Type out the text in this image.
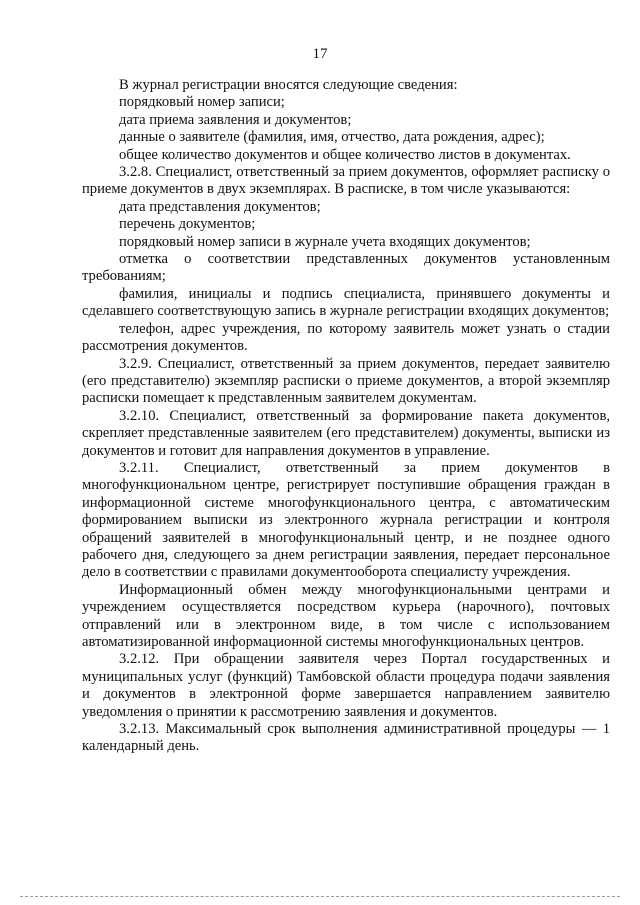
17

В журнал регистрации вносятся следующие сведения:

порядковый номер записи;

дата приема заявления и документов;

данные о заявителе (фамилия, имя, отчество, дата рождения, адрес);

общее количество документов и общее количество листов в документах.

3.2.8. Специалист, ответственный за прием документов, оформляет расписку о приеме документов в двух экземплярах. В расписке, в том числе указываются:

дата представления документов;

перечень документов;

порядковый номер записи в журнале учета входящих документов;

отметка о соответствии представленных документов установленным требованиям;

фамилия, инициалы и подпись специалиста, принявшего документы и сделавшего соответствующую запись в журнале регистрации входящих документов;

телефон, адрес учреждения, по которому заявитель может узнать о стадии рассмотрения документов.

3.2.9. Специалист, ответственный за прием документов, передает заявителю (его представителю) экземпляр расписки о приеме документов, а второй экземпляр расписки помещает к представленным заявителем документам.

3.2.10. Специалист, ответственный за формирование пакета документов, скрепляет представленные заявителем (его представителем) документы, выписки из документов и готовит для направления документов в управление.

3.2.11. Специалист, ответственный за прием документов в многофункциональном центре, регистрирует поступившие обращения граждан в информационной системе многофункционального центра, с автоматическим формированием выписки из электронного журнала регистрации и контроля обращений заявителей в многофункциональный центр, и не позднее одного рабочего дня, следующего за днем регистрации заявления, передает персональное дело в соответствии с правилами документооборота специалисту учреждения.

Информационный обмен между многофункциональными центрами и учреждением осуществляется посредством курьера (нарочного), почтовых отправлений или в электронном виде, в том числе с использованием автоматизированной информационной системы многофункциональных центров.

3.2.12. При обращении заявителя через Портал государственных и муниципальных услуг (функций) Тамбовской области процедура подачи заявления и документов в электронной форме завершается направлением заявителю уведомления о принятии к рассмотрению заявления и документов.

3.2.13. Максимальный срок выполнения административной процедуры — 1 календарный день.
